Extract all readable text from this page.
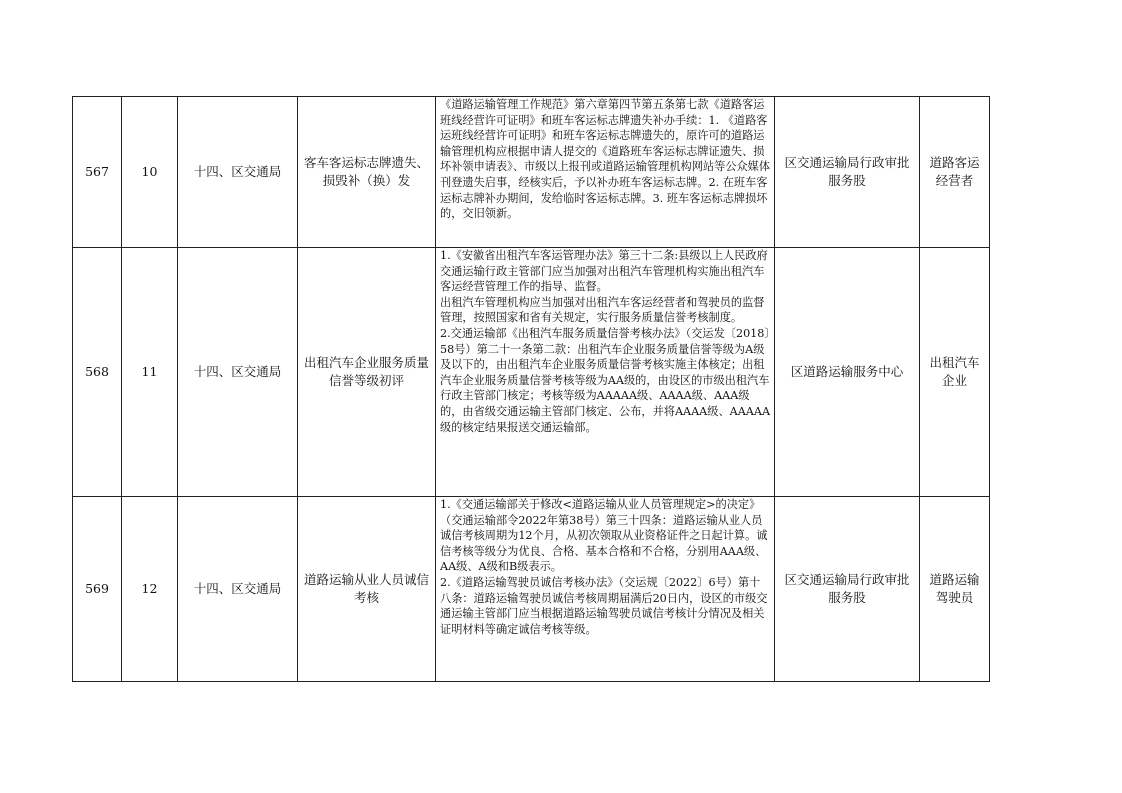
567	10	十四、区交通局	客车客运标志牌遗失、损毁补（换）发	《道路运输管理工作规范》第六章第四节第五条第七款《道路客运班线经营许可证明》和班车客运标志牌遗失补办手续：1. 《道路客运班线经营许可证明》和班车客运标志牌遗失的，原许可的道路运输管理机构应根据申请人提交的《道路班车客运标志牌证遗失、损坏补领申请表》、市级以上报刊或道路运输管理机构网站等公众媒体刊登遗失启事，经核实后，予以补办班车客运标志牌。2. 在班车客运标志牌补办期间，发给临时客运标志牌。3. 班车客运标志牌损坏的，交旧领新。	区交通运输局行政审批服务股	道路客运经营者
568	11	十四、区交通局	出租汽车企业服务质量信誉等级初评	1.《安徽省出租汽车客运管理办法》第三十二条:县级以上人民政府交通运输行政主管部门应当加强对出租汽车管理机构实施出租汽车客运经营管理工作的指导、监督。
出租汽车管理机构应当加强对出租汽车客运经营者和驾驶员的监督管理，按照国家和省有关规定，实行服务质量信誉考核制度。                          2.交通运输部《出租汽车服务质量信誉考核办法》（交运发〔2018〕58号）第二十一条第二款：出租汽车企业服务质量信誉等级为A级及以下的，由出租汽车企业服务质量信誉考核实施主体核定；出租汽车企业服务质量信誉考核等级为AA级的，由设区的市级出租汽车行政主管部门核定；考核等级为AAAAA级、AAAA级、AAA级的，由省级交通运输主管部门核定、公布，并将AAAA级、AAAAA级的核定结果报送交通运输部。	区道路运输服务中心	出租汽车企业
569	12	十四、区交通局	道路运输从业人员诚信考核	1.《交通运输部关于修改<道路运输从业人员管理规定>的决定》（交通运输部令2022年第38号）第三十四条：道路运输从业人员诚信考核周期为12个月，从初次领取从业资格证件之日起计算。诚信考核等级分为优良、合格、基本合格和不合格，分别用AAA级、AA级、A级和B级表示。
2.《道路运输驾驶员诚信考核办法》（交运规〔2022〕6号）第十八条：道路运输驾驶员诚信考核周期届满后20日内，设区的市级交通运输主管部门应当根据道路运输驾驶员诚信考核计分情况及相关证明材料等确定诚信考核等级。	区交通运输局行政审批服务股	道路运输驾驶员
